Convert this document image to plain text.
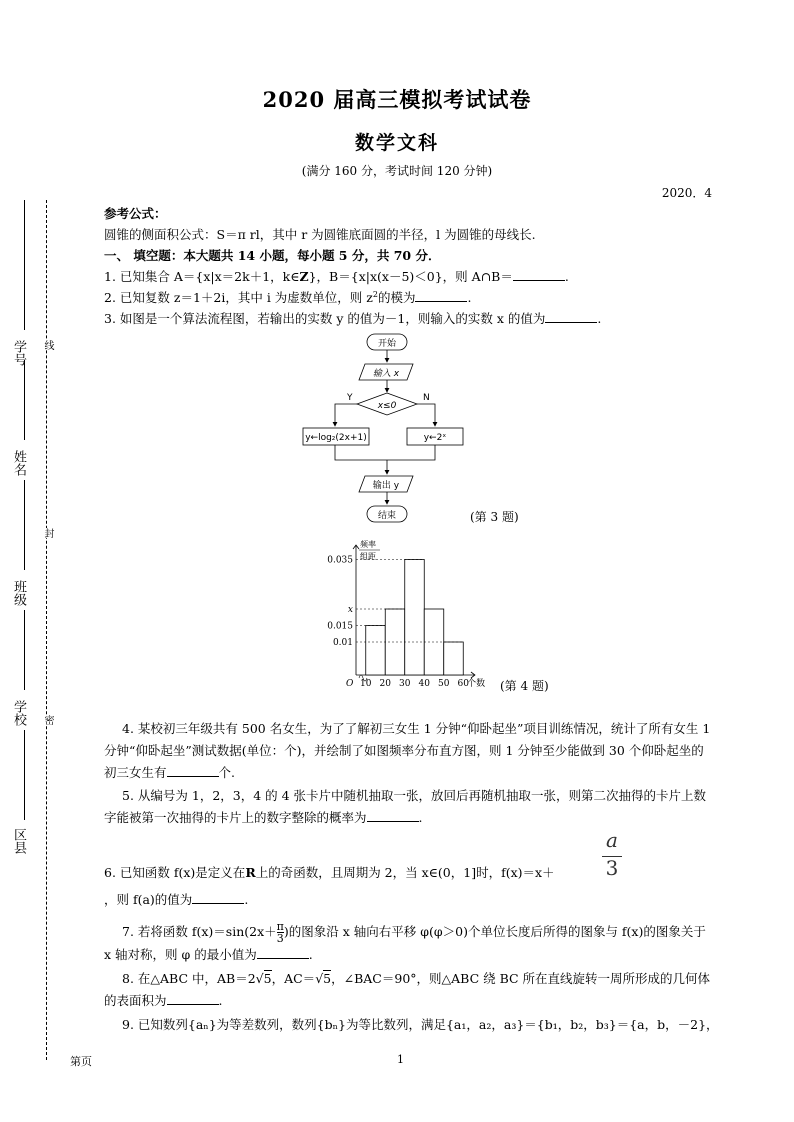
学号
姓名
班级
学校
区县
线
封
密
2020 届高三模拟考试试卷
数学文科
(满分 160 分，考试时间 120 分钟)
2020．4
参考公式：
圆锥的侧面积公式：S＝π rl，其中 r 为圆锥底面圆的半径，l 为圆锥的母线长.
一、 填空题：本大题共 14 小题，每小题 5 分，共 70 分．
1. 已知集合 A＝{x|x＝2k＋1，k∈Z}，B＝{x|x(x－5)＜0}，则 A∩B＝	.
2. 已知复数 z＝1＋2i，其中 i 为虚数单位，则 $z^2$的模为	.
3. 如图是一个算法流程图，若输出的实数 y 的值为－1，则输入的实数 x 的值为	.
开始
输入 x
x≤0
Y	N
y←log₂(2x+1)	y←2ˣ
输出 y
结束	(第 3 题)
0.035
x
0.015
0.01
10 20 30 40 50 60
个数
O
频率
组距
(第 4 题)
4. 某校初三年级共有 500 名女生，为了了解初三女生 1 分钟“仰卧起坐”项目训练情况，统计了所有女生 1 分钟“仰卧起坐”测试数据(单位：个)，并绘制了如图频率分布直方图，则 1 分钟至少能做到 30 个仰卧起坐的初三女生有	个.
5. 从编号为 1，2，3，4 的 4 张卡片中随机抽取一张，放回后再随机抽取一张，则第二次抽得的卡片上数字能被第一次抽得的卡片上的数字整除的概率为	.
6. 已知函数 f(x)是定义在R上的奇函数，且周期为 2，当 x∈(0，1]时，f(x)＝x＋
a
3
，则 f(a)的值为	.
7. 若将函数 $f(x)=\sin(2x+ \frac{\pi}{3}$ )的图象沿 x 轴向右平移 φ(φ＞0)个单位长度后所得的图象与 f(x)的图象关于 x 轴对称，则 φ 的最小值为	.
8. 在△ABC 中，AB＝2√5，AC＝√5，∠BAC＝90°，则△ABC 绕 BC 所在直线旋转一周所形成的几何体的表面积为	.
9. 已知数列{aₙ}为等差数列，数列{bₙ}为等比数列，满足{a₁，a₂，a₃}＝{b₁，b₂，b₃}＝{a，b，－2}，
第页	1
